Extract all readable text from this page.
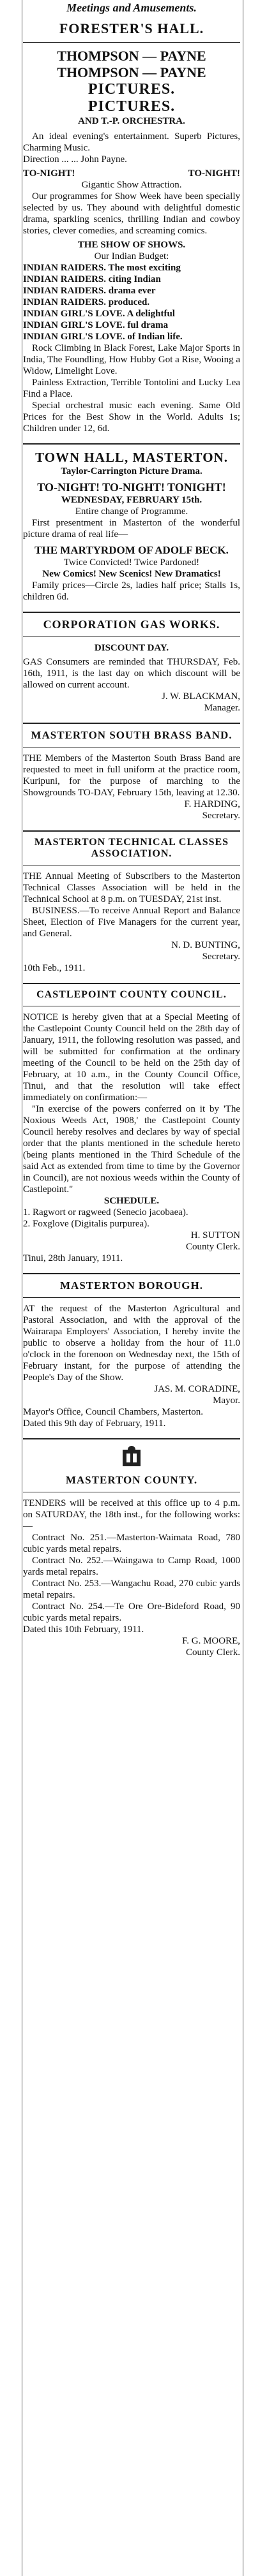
Meetings and Amusements.
FORESTER'S HALL.
THOMPSON — PAYNE
THOMPSON — PAYNE
PICTURES.
PICTURES.
AND T.-P. ORCHESTRA.

An ideal evening's entertainment. Superb Pictures, Charming Music.

Direction ... ... John Payne.

TO-NIGHT!	TO-NIGHT!

Gigantic Show Attraction.

Our programmes for Show Week have been specially selected by us. They abound with delightful domestic drama, sparkling scenics, thrilling Indian and cowboy stories, clever comedies, and screaming comics.

THE SHOW OF SHOWS.

Our Indian Budget:

INDIAN RAIDERS. The most exciting

INDIAN RAIDERS. citing Indian

INDIAN RAIDERS. drama ever

INDIAN RAIDERS. produced.

INDIAN GIRL'S LOVE. A delightful

INDIAN GIRL'S LOVE. ful drama

INDIAN GIRL'S LOVE. of Indian life.

Rock Climbing in Black Forest, Lake Major Sports in India, The Foundling, How Hubby Got a Rise, Wooing a Widow, Limelight Love.

Painless Extraction, Terrible Tontolini and Lucky Lea Find a Place.

Special orchestral music each evening. Same Old Prices for the Best Show in the World. Adults 1s; Children under 12, 6d.

TOWN HALL, MASTERTON.
Taylor-Carrington Picture Drama.
TO-NIGHT! TO-NIGHT! TONIGHT!
WEDNESDAY, FEBRUARY 15th.

Entire change of Programme.

First presentment in Masterton of the wonderful picture drama of real life—

THE MARTYRDOM OF ADOLF BECK.

Twice Convicted! Twice Pardoned!

New Comics! New Scenics! New Dramatics!

Family prices—Circle 2s, ladies half price; Stalls 1s, children 6d.

CORPORATION GAS WORKS.
DISCOUNT DAY.

GAS Consumers are reminded that THURSDAY, Feb. 16th, 1911, is the last day on which discount will be allowed on current account.

J. W. BLACKMAN,

Manager.

MASTERTON SOUTH BRASS BAND.

THE Members of the Masterton South Brass Band are requested to meet in full uniform at the practice room, Kuripuni, for the purpose of marching to the Showgrounds TO-DAY, February 15th, leaving at 12.30.

F. HARDING,

Secretary.

MASTERTON TECHNICAL CLASSES ASSOCIATION.

THE Annual Meeting of Subscribers to the Masterton Technical Classes Association will be held in the Technical School at 8 p.m. on TUESDAY, 21st inst.

BUSINESS.—To receive Annual Report and Balance Sheet, Election of Five Managers for the current year, and General.

N. D. BUNTING,

Secretary.

10th Feb., 1911.

CASTLEPOINT COUNTY COUNCIL.

NOTICE is hereby given that at a Special Meeting of the Castlepoint County Council held on the 28th day of January, 1911, the following resolution was passed, and will be submitted for confirmation at the ordinary meeting of the Council to be held on the 25th day of February, at 10 a.m., in the County Council Office, Tinui, and that the resolution will take effect immediately on confirmation:—

"In exercise of the powers conferred on it by 'The Noxious Weeds Act, 1908,' the Castlepoint County Council hereby resolves and declares by way of special order that the plants mentioned in the schedule hereto (being plants mentioned in the Third Schedule of the said Act as extended from time to time by the Governor in Council), are not noxious weeds within the County of Castlepoint."

SCHEDULE.

1. Ragwort or ragweed (Senecio jacobaea).

2. Foxglove (Digitalis purpurea).

H. SUTTON

County Clerk.

Tinui, 28th January, 1911.

MASTERTON BOROUGH.

AT the request of the Masterton Agricultural and Pastoral Association, and with the approval of the Wairarapa Employers' Association, I hereby invite the public to observe a holiday from the hour of 11.0 o'clock in the forenoon on Wednesday next, the 15th of February instant, for the purpose of attending the People's Day of the Show.

JAS. M. CORADINE,

Mayor.

Mayor's Office, Council Chambers, Masterton.

Dated this 9th day of February, 1911.

MASTERTON COUNTY.

TENDERS will be received at this office up to 4 p.m. on SATURDAY, the 18th inst., for the following works:—

Contract No. 251.—Masterton-Waimata Road, 780 cubic yards metal repairs.

Contract No. 252.—Waingawa to Camp Road, 1000 yards metal repairs.

Contract No. 253.—Wangachu Road, 270 cubic yards metal repairs.

Contract No. 254.—Te Ore Ore-Bideford Road, 90 cubic yards metal repairs.

Dated this 10th February, 1911.

F. G. MOORE,

County Clerk.
